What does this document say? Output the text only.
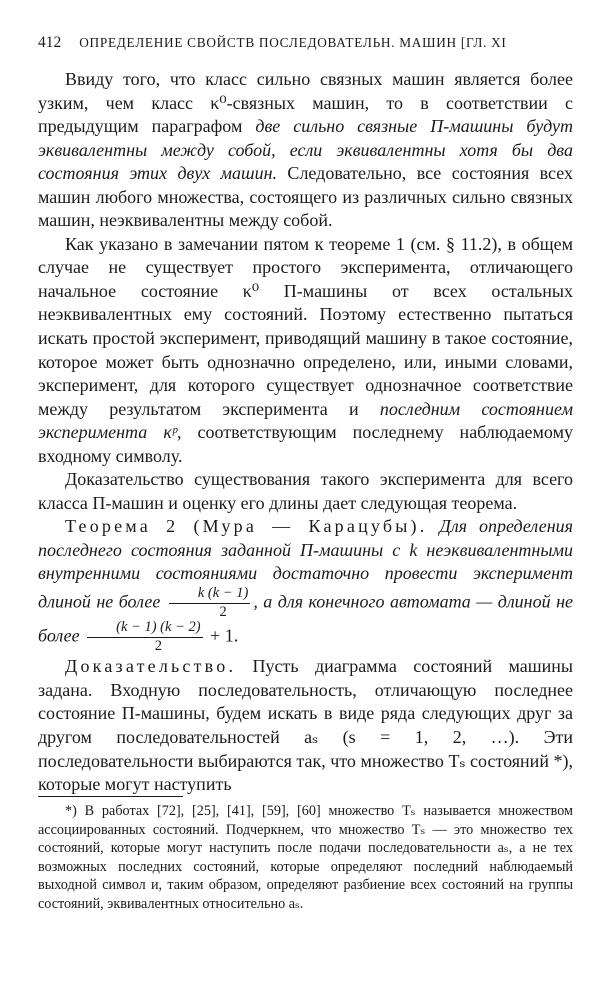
412 ОПРЕДЕЛЕНИЕ СВОЙСТВ ПОСЛЕДОВАТЕЛЬН. МАШИН [ГЛ. XI

Ввиду того, что класс сильно связных машин является более узким, чем класс κ⁰-связных машин, то в соответствии с предыдущим параграфом две сильно связные П-машины будут эквивалентны между собой, если эквивалентны хотя бы два состояния этих двух машин. Следовательно, все состояния всех машин любого множества, состоящего из различных сильно связных машин, неэквивалентны между собой.

Как указано в замечании пятом к теореме 1 (см. § 11.2), в общем случае не существует простого эксперимента, отличающего начальное состояние κ⁰ П-машины от всех остальных неэквивалентных ему состояний. Поэтому естественно пытаться искать простой эксперимент, приводящий машину в такое состояние, которое может быть однозначно определено, или, иными словами, эксперимент, для которого существует однозначное соответствие между результатом эксперимента и последним состоянием эксперимента κᵖ, соответствующим последнему наблюдаемому входному символу.

Доказательство существования такого эксперимента для всего класса П-машин и оценку его длины дает следующая теорема.

Теорема 2 (Мура — Карацубы). Для определения последнего состояния заданной П-машины с k неэквивалентными внутренними состояниями достаточно провести эксперимент длиной не более $\frac{k (k - 1)}{2}$ , а для конечного автомата — длиной не более $\frac{(k - 1) (k - 2)}{2} + 1$.

Доказательство. Пусть диаграмма состояний машины задана. Входную последовательность, отличающую последнее состояние П-машины, будем искать в виде ряда следующих друг за другом последовательностей aₛ (s = 1, 2, …). Эти последовательности выбираются так, что множество Tₛ состояний *), которые могут наступить

*) В работах [72], [25], [41], [59], [60] множество Tₛ называется множеством ассоциированных состояний. Подчеркнем, что множество Tₛ — это множество тех состояний, которые могут наступить после подачи последовательности aₛ, а не тех возможных последних состояний, которые определяют последний наблюдаемый выходной символ и, таким образом, определяют разбиение всех состояний на группы состояний, эквивалентных относительно aₛ.
